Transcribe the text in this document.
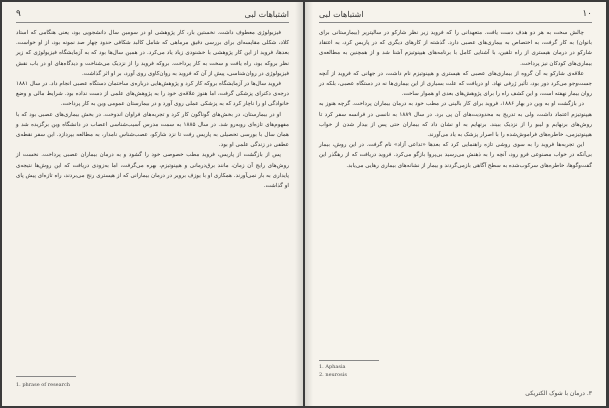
۹	اشتباهات لبی

فیزیولوژی معطوف داشت. نخستین بار، کار پژوهشی او در سومین سال دانشجویی بود، یعنی هنگامی که استاد کلاد، شکلی مقایسه‌ای برای بررسی دقیق مرماهی که شامل کالبد شکافی حدود چهار صد نمونه بود، از او خواست. بعدها، فروید از این کار پژوهشی با خشنودی زیاد یاد می‌کرد. در همین سال‌ها بود که به آزمایشگاه فیزیولوژی که زیر نظر بروکه بود، راه یافت و سخت به کار پرداخت. بروکه فروید را از نزدیک می‌شناخت و دیدگاه‌های او در باب نقش فیزیولوژی در روان‌شناسی، پیش از آن که فروید به روان‌کاوی روی آورد، بر او اثر گذاشت.

فروید سال‌ها در آزمایشگاه بروکه کار کرد و پژوهش‌هایی درباره‌ی ساختمان دستگاه عصبی انجام داد. در سال ۱۸۸۱ درجه‌ی دکترای پزشکی گرفت، اما هنوز علاقه‌ی خود را به پژوهش‌های علمی از دست نداده بود. شرایط مالی و وضع خانوادگی او را ناچار کرد که به پزشکی عملی روی آورد و در بیمارستان عمومی وین به کار پرداخت.

او در بیمارستان، در بخش‌های گوناگون کار کرد و تجربه‌های فراوان اندوخت. در بخش بیماری‌های عصبی بود که با مفهوم‌های تازه‌ای روبه‌رو شد. در سال ۱۸۸۵ به سمت مدرس آسیب‌شناسی اعصاب در دانشگاه وین برگزیده شد و همان سال با بورسی تحصیلی به پاریس رفت تا نزد شارکو، عصب‌شناس نامدار، به مطالعه بپردازد. این سفر نقطه‌ی عطفی در زندگی علمی او بود.

پس از بازگشت از پاریس، فروید مطب خصوصی خود را گشود و به درمان بیماران عصبی پرداخت. نخست از روش‌های رایج آن زمان، مانند برق‌درمانی و هیپنوتیزم، بهره می‌گرفت، اما به‌زودی دریافت که این روش‌ها نتیجه‌ی پایداری به بار نمی‌آورند. همکاری او با یوزف برویر در درمان بیمارانی که از هیستری رنج می‌بردند، راه تازه‌ای پیش پای او گذاشت.

1. phrase of research
اشتباهات لبی	۱۰

چالش سخت به هر دو هدف دست یافت. متعهدانی را که فروید زیر نظر شارکو در سالپتریر (بیمارستانی برای بانوان) به کار گرفت، به اختصاص به بیماری‌های عصبی دارد. گذشته از کارهای دیگری که در پاریس کرد، به اعتقاد شارکو در درمان هیستری از راه تلقین، با آشنایی کامل با برنامه‌های هیپنوتیزم آشنا شد و از همچنین به مطالعه‌ی بیماری‌های کودکان نیز پرداخت.

علاقه‌ی شارکو به آن گروه از بیماری‌های عصبی که هیستری و هیپنوتیزم نام داشت، در جهانی که فروید از آنچه جست‌وجو می‌کرد دور بود، تأثیر ژرفی نهاد. او دریافت که علت بسیاری از این بیماری‌ها نه در دستگاه عصبی، بلکه در روان بیمار نهفته است، و این کشف راه را برای پژوهش‌های بعدی او هموار ساخت.

در بازگشت او به وین در بهار ۱۸۸۶، فروید برای کار بالینی در مطب خود به درمان بیماران پرداخت. گرچه هنوز به هیپنوتیزم اعتماد داشت، ولی به تدریج به محدودیت‌های آن پی برد. در سال ۱۸۸۹ به نانسی در فرانسه سفر کرد تا روش‌های برنهایم و لیبو را از نزدیک ببیند. برنهایم به او نشان داد که بیماران حتی پس از بیدار شدن از خواب هیپنوتیزمی، خاطره‌های فراموش‌شده را با اصرار پزشک به یاد می‌آورند.

این تجربه‌ها فروید را به سوی روشی تازه راهنمایی کرد که بعدها «تداعی آزاد» نام گرفت. در این روش، بیمار بی‌آنکه در خواب مصنوعی فرو رود، آنچه را به ذهنش می‌رسید بی‌پروا بازگو می‌کرد. فروید دریافت که از رهگذر این گفت‌وگوها، خاطره‌های سرکوب‌شده به سطح آگاهی بازمی‌گردند و بیمار از نشانه‌های بیماری رهایی می‌یابد.

1. Aphasia
2. neurosis
۳. درمان با شوک الکتریکی
